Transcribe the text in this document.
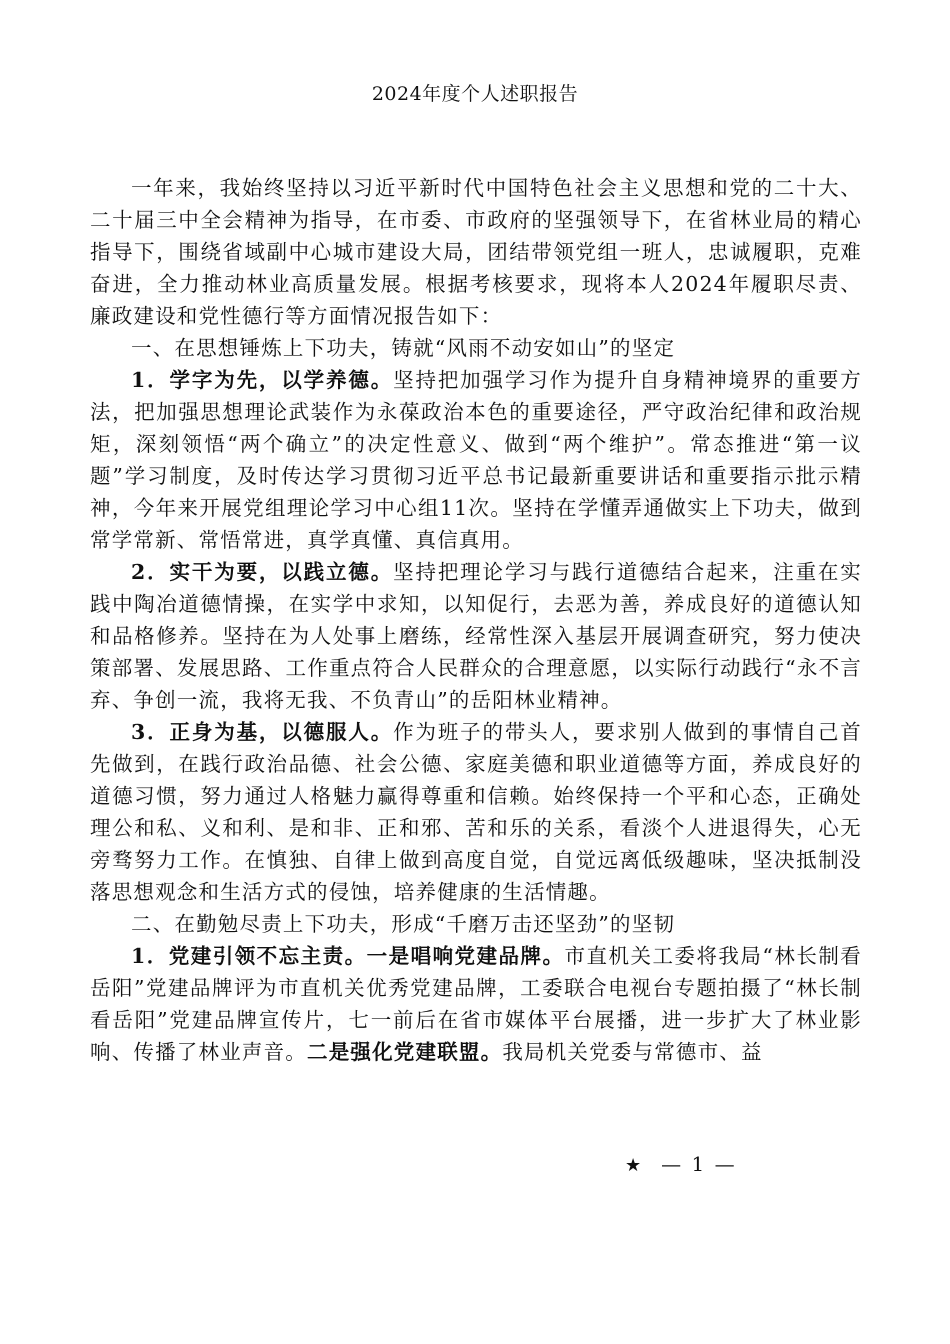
2024年度个人述职报告

一年来，我始终坚持以习近平新时代中国特色社会主义思想和党的二十大、二十届三中全会精神为指导，在市委、市政府的坚强领导下，在省林业局的精心指导下，围绕省域副中心城市建设大局，团结带领党组一班人，忠诚履职，克难奋进，全力推动林业高质量发展。根据考核要求，现将本人2024年履职尽责、廉政建设和党性德行等方面情况报告如下：

一、在思想锤炼上下功夫，铸就“风雨不动安如山”的坚定

1．学字为先，以学养德。坚持把加强学习作为提升自身精神境界的重要方法，把加强思想理论武装作为永葆政治本色的重要途径，严守政治纪律和政治规矩，深刻领悟“两个确立”的决定性意义、做到“两个维护”。常态推进“第一议题”学习制度，及时传达学习贯彻习近平总书记最新重要讲话和重要指示批示精神，今年来开展党组理论学习中心组11次。坚持在学懂弄通做实上下功夫，做到常学常新、常悟常进，真学真懂、真信真用。

2．实干为要，以践立德。坚持把理论学习与践行道德结合起来，注重在实践中陶冶道德情操，在实学中求知，以知促行，去恶为善，养成良好的道德认知和品格修养。坚持在为人处事上磨练，经常性深入基层开展调查研究，努力使决策部署、发展思路、工作重点符合人民群众的合理意愿，以实际行动践行“永不言弃、争创一流，我将无我、不负青山”的岳阳林业精神。

3．正身为基，以德服人。作为班子的带头人，要求别人做到的事情自己首先做到，在践行政治品德、社会公德、家庭美德和职业道德等方面，养成良好的道德习惯，努力通过人格魅力赢得尊重和信赖。始终保持一个平和心态，正确处理公和私、义和利、是和非、正和邪、苦和乐的关系，看淡个人进退得失，心无旁骛努力工作。在慎独、自律上做到高度自觉，自觉远离低级趣味，坚决抵制没落思想观念和生活方式的侵蚀，培养健康的生活情趣。

二、在勤勉尽责上下功夫，形成“千磨万击还坚劲”的坚韧

1．党建引领不忘主责。一是唱响党建品牌。市直机关工委将我局“林长制看岳阳”党建品牌评为市直机关优秀党建品牌，工委联合电视台专题拍摄了“林长制看岳阳”党建品牌宣传片，七一前后在省市媒体平台展播，进一步扩大了林业影响、传播了林业声音。二是强化党建联盟。我局机关党委与常德市、益

★ — 1 —
